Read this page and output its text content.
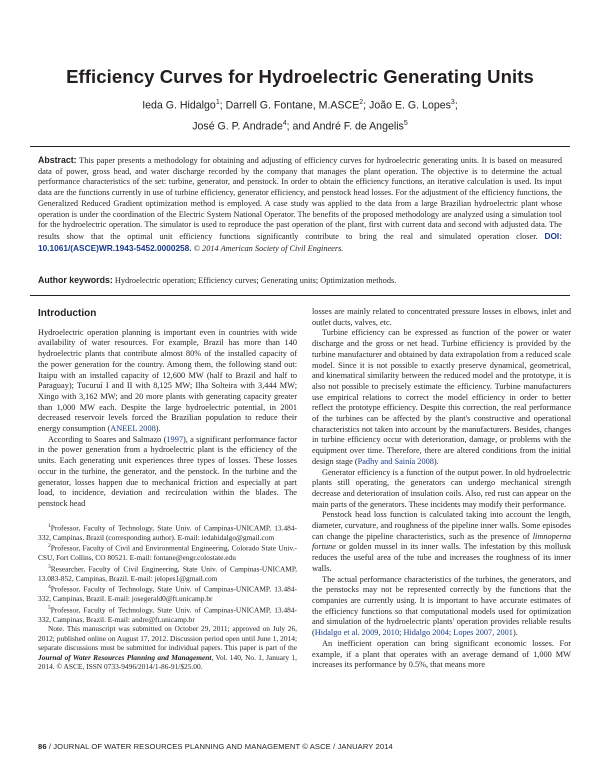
Efficiency Curves for Hydroelectric Generating Units
Ieda G. Hidalgo$^1$; Darrell G. Fontane, M.ASCE$^2$; João E. G. Lopes$^3$;
José G. P. Andrade$^4$; and André F. de Angelis$^5$
Abstract: This paper presents a methodology for obtaining and adjusting of efficiency curves for hydroelectric generating units. It is based on measured data of power, gross head, and water discharge recorded by the company that manages the plant operation. The objective is to determine the actual performance characteristics of the set: turbine, generator, and penstock. In order to obtain the efficiency functions, an iterative calculation is used. Its input data are the functions currently in use of turbine efficiency, generator efficiency, and penstock head losses. For the adjustment of the efficiency functions, the Generalized Reduced Gradient optimization method is employed. A case study was applied to the data from a large Brazilian hydroelectric plant whose operation is under the coordination of the Electric System National Operator. The benefits of the proposed methodology are analyzed using a simulation tool for the hydroelectric operation. The simulator is used to reproduce the past operation of the plant, first with current data and second with adjusted data. The results show that the optimal unit efficiency functions significantly contribute to bring the real and simulated operation closer. DOI: 10.1061/(ASCE)WR.1943-5452.0000258. © 2014 American Society of Civil Engineers.
Author keywords: Hydroelectric operation; Efficiency curves; Generating units; Optimization methods.
Introduction

Hydroelectric operation planning is important even in countries with wide availability of water resources. For example, Brazil has more than 140 hydroelectric plants that contribute almost 80% of the installed capacity of the power generation for the country. Among them, the following stand out: Itaipu with an installed capacity of 12,600 MW (half to Brazil and half to Paraguay); Tucuruí I and II with 8,125 MW; Ilha Solteira with 3,444 MW; Xingo with 3,162 MW; and 20 more plants with generating capacity greater than 1,000 MW each. Despite the large hydroelectric potential, in 2001 decreased reservoir levels forced the Brazilian population to reduce their energy consumption (ANEEL 2008).

According to Soares and Salmazo (1997), a significant performance factor in the power generation from a hydroelectric plant is the efficiency of the units. Each generating unit experiences three types of losses. These losses occur in the turbine, the generator, and the penstock. In the turbine and the generator, losses happen due to mechanical friction and especially at part load, to incidence, deviation and recirculation within the blades. The penstock head

$^1$Professor, Faculty of Technology, State Univ. of Campinas-UNICAMP, 13.484-332, Campinas, Brazil (corresponding author). E-mail: iedahidalgo@gmail.com

$^2$Professor, Faculty of Civil and Environmental Engineering, Colorado State Univ.-CSU, Fort Collins, CO 80521. E-mail: fontane@engr.colostate.edu

$^3$Researcher, Faculty of Civil Engineering, State Univ. of Campinas-UNICAMP, 13.083-852, Campinas, Brazil. E-mail: jelopes1@gmail.com

$^4$Professor, Faculty of Technology, State Univ. of Campinas-UNICAMP, 13.484-332, Campinas, Brazil. E-mail: josegerald0@ft.unicamp.br

$^5$Professor, Faculty of Technology, State Univ. of Campinas-UNICAMP, 13.484-332, Campinas, Brazil. E-mail: andre@ft.unicamp.br

Note. This manuscript was submitted on October 29, 2011; approved on July 26, 2012; published online on August 17, 2012. Discussion period open until June 1, 2014; separate discussions must be submitted for individual papers. This paper is part of the Journal of Water Resources Planning and Management, Vol. 140, No. 1, January 1, 2014. © ASCE, ISSN 0733-9496/2014/1-86-91/$25.00.

losses are mainly related to concentrated pressure losses in elbows, inlet and outlet ducts, valves, etc.

Turbine efficiency can be expressed as function of the power or water discharge and the gross or net head. Turbine efficiency is provided by the turbine manufacturer and obtained by data extrapolation from a reduced scale model. Since it is not possible to exactly preserve dynamical, geometrical, and kinematical similarity between the reduced model and the prototype, it is also not possible to precisely estimate the efficiency. Turbine manufacturers use empirical relations to correct the model efficiency in order to better reflect the prototype efficiency. Despite this correction, the real performance of the turbines can be affected by the plant's constructive and operational characteristics not taken into account by the manufacturers. Besides, changes in turbine efficiency occur with deterioration, damage, or problems with the equipment over time. Therefore, there are altered conditions from the initial design stage (Padhy and Sainía 2008).

Generator efficiency is a function of the output power. In old hydroelectric plants still operating, the generators can undergo mechanical strength decrease and deterioration of insulation coils. Also, red rust can appear on the main parts of the generators. These incidents may modify their performance.

Penstock head loss function is calculated taking into account the length, diameter, curvature, and roughness of the pipeline inner walls. Some episodes can change the pipeline characteristics, such as the presence of limnoperna fortune or golden mussel in its inner walls. The infestation by this mollusk reduces the useful area of the tube and increases the roughness of its inner walls.

The actual performance characteristics of the turbines, the generators, and the penstocks may not be represented correctly by the functions that the companies are currently using. It is important to have accurate estimates of the efficiency functions so that computational models used for optimization and simulation of the hydroelectric plants' operation provides reliable results (Hidalgo et al. 2009, 2010; Hidalgo 2004; Lopes 2007, 2001).

An inefficient operation can bring significant economic losses. For example, if a plant that operates with an average demand of 1,000 MW increases its performance by 0.5%, that means more

86 / JOURNAL OF WATER RESOURCES PLANNING AND MANAGEMENT © ASCE / JANUARY 2014
